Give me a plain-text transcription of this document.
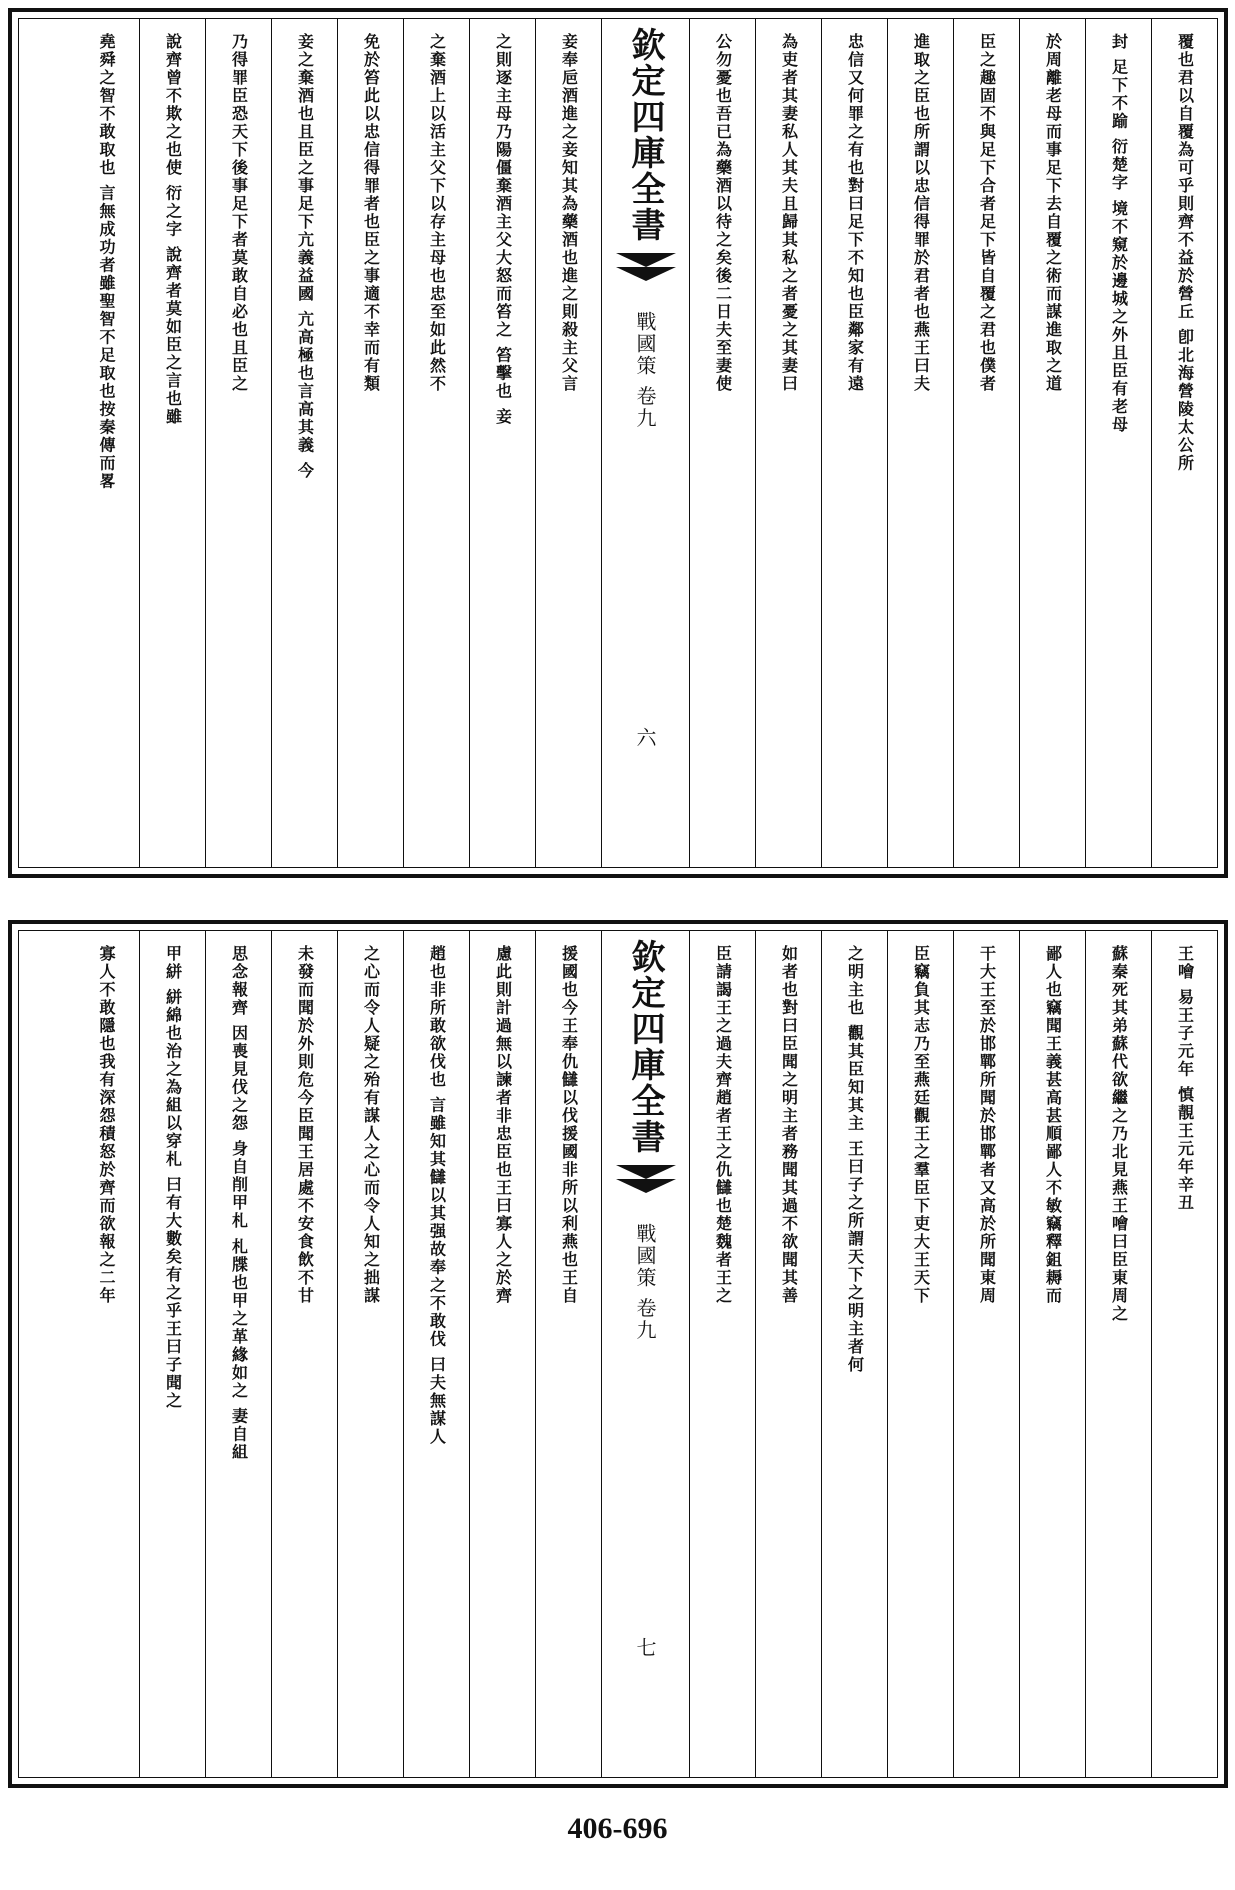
覆也君以自覆為可乎則齊不益於營丘 卽北海營陵太公所
封 足下不踰 衍楚字 境不窺於邊城之外且臣有老母
於周離老母而事足下去自覆之術而謀進取之道
臣之趣固不與足下合者足下皆自覆之君也僕者
進取之臣也所謂以忠信得罪於君者也燕王曰夫
忠信又何罪之有也對曰足下不知也臣鄰家有遠
為吏者其妻私人其夫且歸其私之者憂之其妻曰
公勿憂也吾已為藥酒以待之矣後二日夫至妻使
欽定四庫全書
戰國策 卷九
六
妾奉巵酒進之妾知其為藥酒也進之則殺主父言
之則逐主母乃陽僵棄酒主父大怒而笞之 笞擊也 妾
之棄酒上以活主父下以存主母也忠至如此然不
免於笞此以忠信得罪者也臣之事適不幸而有類
妾之棄酒也且臣之事足下亢義益國 亢高極也言高其義 今
乃得罪臣恐天下後事足下者莫敢自必也且臣之
說齊曾不欺之也使 衍之字 說齊者莫如臣之言也雖
堯舜之智不敢取也 言無成功者雖聖智不足取也按秦傳而畧
王噲 易王子元年 慎靚王元年辛丑
蘇秦死其弟蘇代欲繼之乃北見燕王噲曰臣東周之
鄙人也竊聞王義甚高甚順鄙人不敏竊釋鉏耨而
干大王至於邯鄲所聞於邯鄲者又高於所聞東周
臣竊負其志乃至燕廷觀王之羣臣下吏大王天下
之明主也 觀其臣知其主 王曰子之所謂天下之明主者何
如者也對曰臣聞之明主者務聞其過不欲聞其善
臣請謁王之過夫齊趙者王之仇讎也楚魏者王之
欽定四庫全書
戰國策 卷九
七
援國也今王奉仇讎以伐援國非所以利燕也王自
慮此則計過無以諫者非忠臣也王曰寡人之於齊
趙也非所敢欲伐也 言雖知其讎以其强故奉之不敢伐 曰夫無謀人
之心而令人疑之殆有謀人之心而令人知之拙謀
未發而聞於外則危今臣聞王居處不安食飲不甘
思念報齊 因喪見伐之怨 身自削甲札 札牒也甲之革緣如之 妻自組
甲絣 絣綿也治之為組以穿札 曰有大數矣有之乎王曰子聞之
寡人不敢隱也我有深怨積怒於齊而欲報之二年
406-696
